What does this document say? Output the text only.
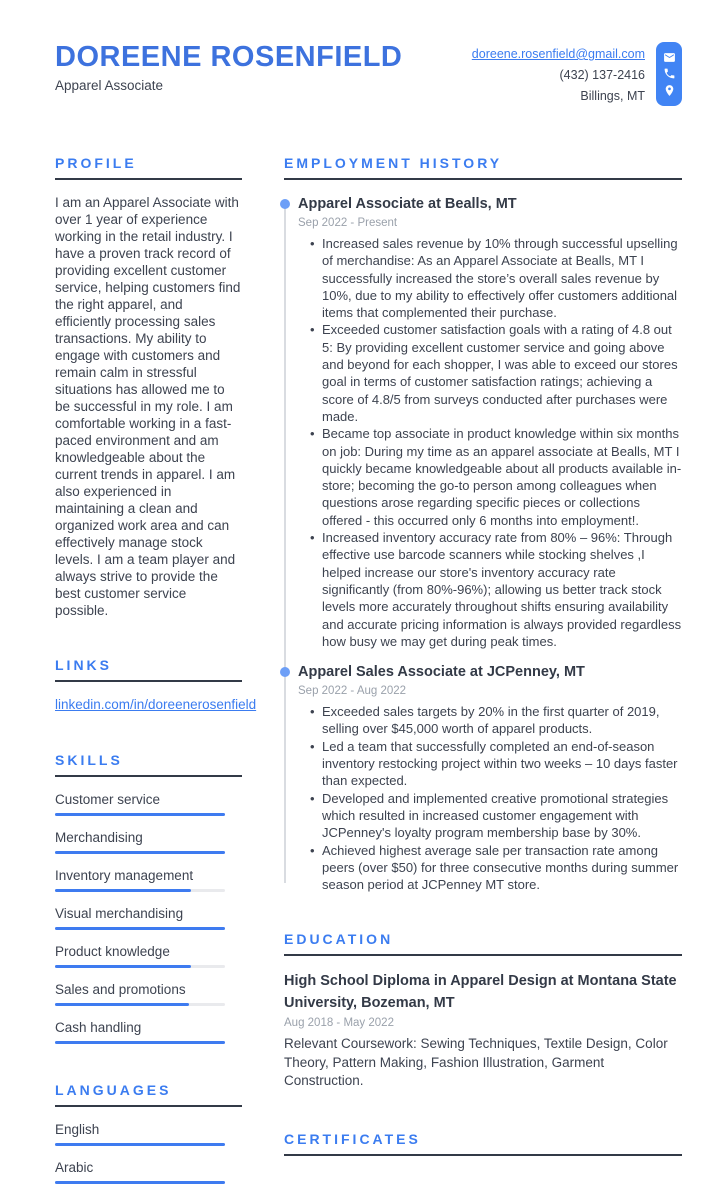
DOREENE ROSENFIELD
Apparel Associate
doreene.rosenfield@gmail.com
(432) 137-2416
Billings, MT
PROFILE

I am an Apparel Associate with over 1 year of experience working in the retail industry. I have a proven track record of providing excellent customer service, helping customers find the right apparel, and efficiently processing sales transactions. My ability to engage with customers and remain calm in stressful situations has allowed me to be successful in my role. I am comfortable working in a fast-paced environment and am knowledgeable about the current trends in apparel. I am also experienced in maintaining a clean and organized work area and can effectively manage stock levels. I am a team player and always strive to provide the best customer service possible.

LINKS
linkedin.com/in/doreenerosenfield
SKILLS
Customer service
Merchandising
Inventory management
Visual merchandising
Product knowledge
Sales and promotions
Cash handling
LANGUAGES
English
Arabic
EMPLOYMENT HISTORY
Apparel Associate at Bealls, MT
Sep 2022 - Present
• Increased sales revenue by 10% through successful upselling of merchandise: As an Apparel Associate at Bealls, MT I successfully increased the store’s overall sales revenue by 10%, due to my ability to effectively offer customers additional items that complemented their purchase.
• Exceeded customer satisfaction goals with a rating of 4.8 out 5: By providing excellent customer service and going above and beyond for each shopper, I was able to exceed our stores goal in terms of customer satisfaction ratings; achieving a score of 4.8/5 from surveys conducted after purchases were made.
• Became top associate in product knowledge within six months on job: During my time as an apparel associate at Bealls, MT I quickly became knowledgeable about all products available in-store; becoming the go-to person among colleagues when questions arose regarding specific pieces or collections offered - this occurred only 6 months into employment!.
• Increased inventory accuracy rate from 80% – 96%: Through effective use barcode scanners while stocking shelves ,I helped increase our store's inventory accuracy rate significantly (from 80%-96%); allowing us better track stock levels more accurately throughout shifts ensuring availability and accurate pricing information is always provided regardless how busy we may get during peak times.
Apparel Sales Associate at JCPenney, MT
Sep 2022 - Aug 2022
• Exceeded sales targets by 20% in the first quarter of 2019, selling over $45,000 worth of apparel products.
• Led a team that successfully completed an end-of-season inventory restocking project within two weeks – 10 days faster than expected.
• Developed and implemented creative promotional strategies which resulted in increased customer engagement with JCPenney's loyalty program membership base by 30%.
• Achieved highest average sale per transaction rate among peers (over $50) for three consecutive months during summer season period at JCPenney MT store.
EDUCATION
High School Diploma in Apparel Design at Montana State University, Bozeman, MT
Aug 2018 - May 2022
Relevant Coursework: Sewing Techniques, Textile Design, Color Theory, Pattern Making, Fashion Illustration, Garment Construction.
CERTIFICATES
